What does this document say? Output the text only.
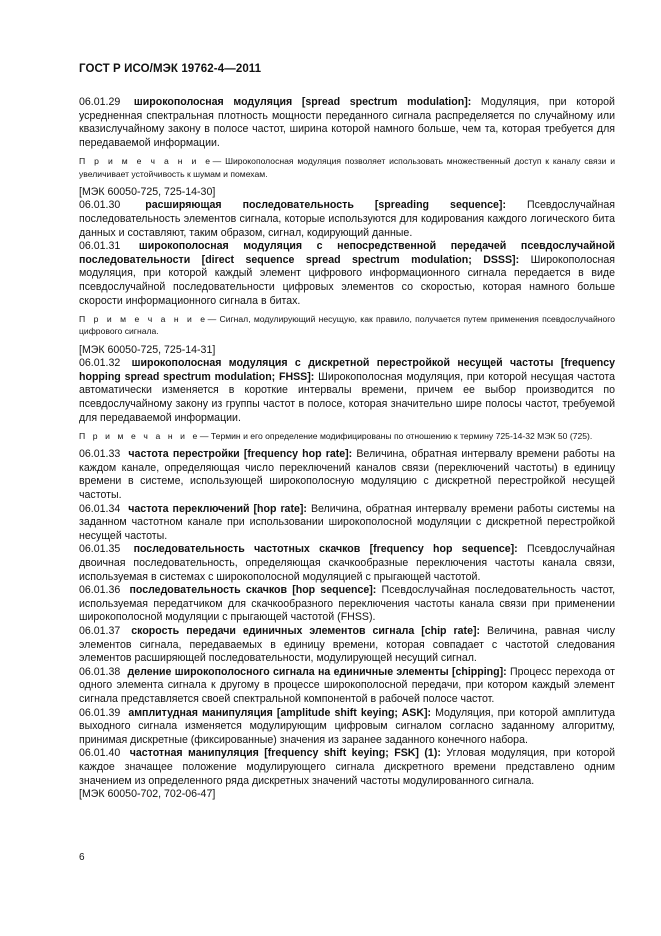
ГОСТ Р ИСО/МЭК 19762-4—2011

06.01.29 широкополосная модуляция [spread spectrum modulation]: Модуляция, при которой усредненная спектральная плотность мощности переданного сигнала распределяется по случайному или квазислучайному закону в полосе частот, ширина которой намного больше, чем та, которая требуется для передаваемой информации.

П р и м е ч а н и е— Широкополосная модуляция позволяет использовать множественный доступ к каналу связи и увеличивает устойчивость к шумам и помехам.

[МЭК 60050-725, 725-14-30]

06.01.30 расширяющая последовательность [spreading sequence]: Псевдослучайная последовательность элементов сигнала, которые используются для кодирования каждого логического бита данных и составляют, таким образом, сигнал, кодирующий данные.

06.01.31 широкополосная модуляция с непосредственной передачей псевдослучайной последовательности [direct sequence spread spectrum modulation; DSSS]: Широкополосная модуляция, при которой каждый элемент цифрового информационного сигнала передается в виде псевдослучайной последовательности цифровых элементов со скоростью, которая намного больше скорости информационного сигнала в битах.

П р и м е ч а н и е— Сигнал, модулирующий несущую, как правило, получается путем применения псевдослучайного цифрового сигнала.

[МЭК 60050-725, 725-14-31]

06.01.32 широкополосная модуляция с дискретной перестройкой несущей частоты [frequency hopping spread spectrum modulation; FHSS]: Широкополосная модуляция, при которой несущая частота автоматически изменяется в короткие интервалы времени, причем ее выбор производится по псевдослучайному закону из группы частот в полосе, которая значительно шире полосы частот, требуемой для передаваемой информации.

П р и м е ч а н и е— Термин и его определение модифицированы по отношению к термину 725-14-32 МЭК 50 (725).

06.01.33 частота перестройки [frequency hop rate]: Величина, обратная интервалу времени работы на каждом канале, определяющая число переключений каналов связи (переключений частоты) в единицу времени в системе, использующей широкополосную модуляцию с дискретной перестройкой несущей частоты.

06.01.34 частота переключений [hop rate]: Величина, обратная интервалу времени работы системы на заданном частотном канале при использовании широкополосной модуляции с дискретной перестройкой несущей частоты.

06.01.35 последовательность частотных скачков [frequency hop sequence]: Псевдослучайная двоичная последовательность, определяющая скачкообразные переключения частоты канала связи, используемая в системах с широкополосной модуляцией с прыгающей частотой.

06.01.36 последовательность скачков [hop sequence]: Псевдослучайная последовательность частот, используемая передатчиком для скачкообразного переключения частоты канала связи при применении широкополосной модуляции с прыгающей частотой (FHSS).

06.01.37 скорость передачи единичных элементов сигнала [chip rate]: Величина, равная числу элементов сигнала, передаваемых в единицу времени, которая совпадает с частотой следования элементов расширяющей последовательности, модулирующей несущий сигнал.

06.01.38 деление широкополосного сигнала на единичные элементы [chipping]: Процесс перехода от одного элемента сигнала к другому в процессе широкополосной передачи, при котором каждый элемент сигнала представляется своей спектральной компонентой в рабочей полосе частот.

06.01.39 амплитудная манипуляция [amplitude shift keying; ASK]: Модуляция, при которой амплитуда выходного сигнала изменяется модулирующим цифровым сигналом согласно заданному алгоритму, принимая дискретные (фиксированные) значения из заранее заданного конечного набора.

06.01.40 частотная манипуляция [frequency shift keying; FSK] (1): Угловая модуляция, при которой каждое значащее положение модулирующего сигнала дискретного времени представлено одним значением из определенного ряда дискретных значений частоты модулированного сигнала.

[МЭК 60050-702, 702-06-47]

6
